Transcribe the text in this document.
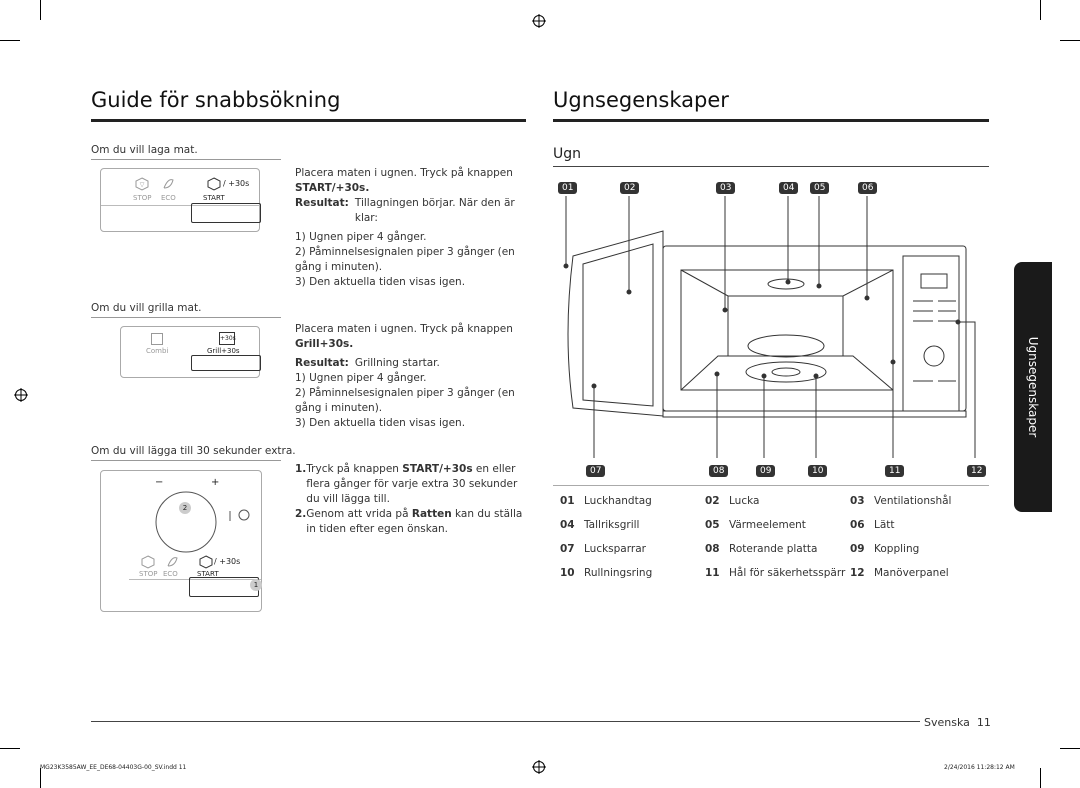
Guide för snabbsökning
Om du vill laga mat.
▽	/ +30s
STOP ECO	START
Placera maten i ugnen. Tryck på knappen
START/+30s.
Resultat: Tillagningen börjar. När den är klar:
1) Ugnen piper 4 gånger.
2) Påminnelsesignalen piper 3 gånger (en gång i minuten).
3) Den aktuella tiden visas igen.
Om du vill grilla mat.
+30s
Combi	Grill+30s
Placera maten i ugnen. Tryck på knappen
Grill+30s.
Resultat: Grillning startar.
1) Ugnen piper 4 gånger.
2) Påminnelsesignalen piper 3 gånger (en gång i minuten).
3) Den aktuella tiden visas igen.
Om du vill lägga till 30 sekunder extra.
−	+
2
/ +30s
STOP ECO	START
1
1. Tryck på knappen START/+30s en eller flera gånger för varje extra 30 sekunder du vill lägga till.
2. Genom att vrida på Ratten kan du ställa in tiden efter egen önskan.
Ugnsegenskaper
Ugn
01	02	03	04	05	06
07	08	09	10	11	12
01 Luckhandtag	02 Lucka	03 Ventilationshål
04 Tallriksgrill	05 Värmeelement	06 Lätt
07 Lucksparrar	08 Roterande platta	09 Koppling
10 Rullningsring	11 Hål för säkerhetsspärr 12 Manöverpanel
Ugnsegenskaper
Svenska 11
MG23K3585AW_EE_DE68-04403G-00_SV.indd 11	2/24/2016 11:28:12 AM
